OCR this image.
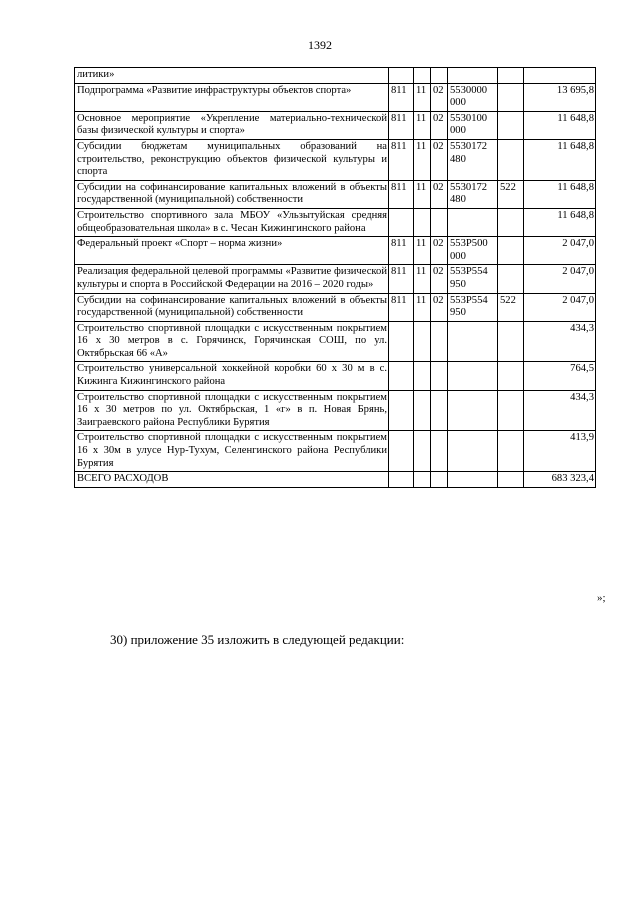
1392
литики»						
Подпрограмма «Развитие инфраструктуры объектов спорта»	811	11	02	5530000 000		13 695,8
Основное мероприятие «Укрепление материально-технической базы физической культуры и спорта»	811	11	02	5530100 000		11 648,8
Субсидии бюджетам муниципальных образований на строительство, реконструкцию объектов физической культуры и спорта	811	11	02	5530172 480		11 648,8
Субсидии на софинансирование капитальных вложений в объекты государственной (муниципальной) собственности	811	11	02	5530172 480	522	11 648,8
Строительство спортивного зала МБОУ «Ульзытуйская средняя общеобразовательная школа» в с. Чесан Кижингинского района						11 648,8
Федеральный проект «Спорт – норма жизни»	811	11	02	553P500 000		2 047,0
Реализация федеральной целевой программы «Развитие физической культуры и спорта в Российской Федерации на 2016 – 2020 годы»	811	11	02	553P554 950		2 047,0
Субсидии на софинансирование капитальных вложений в объекты государственной (муниципальной) собственности	811	11	02	553P554 950	522	2 047,0
Строительство спортивной площадки с искусственным покрытием 16 х 30 метров в с. Горячинск, Горячинская СОШ, по ул. Октябрьская 66 «А»						434,3
Строительство универсальной хоккейной коробки 60 х 30 м в с. Кижинга Кижингинского района						764,5
Строительство спортивной площадки с искусственным покрытием 16 х 30 метров по ул. Октябрьская, 1 «г» в п. Новая Брянь, Заиграевского района Республики Бурятия						434,3
Строительство спортивной площадки с искусственным покрытием 16 х 30м в улусе Нур-Тухум, Селенгинского района Республики Бурятия						413,9
ВСЕГО РАСХОДОВ						683 323,4
»;
30) приложение 35 изложить в следующей редакции:
